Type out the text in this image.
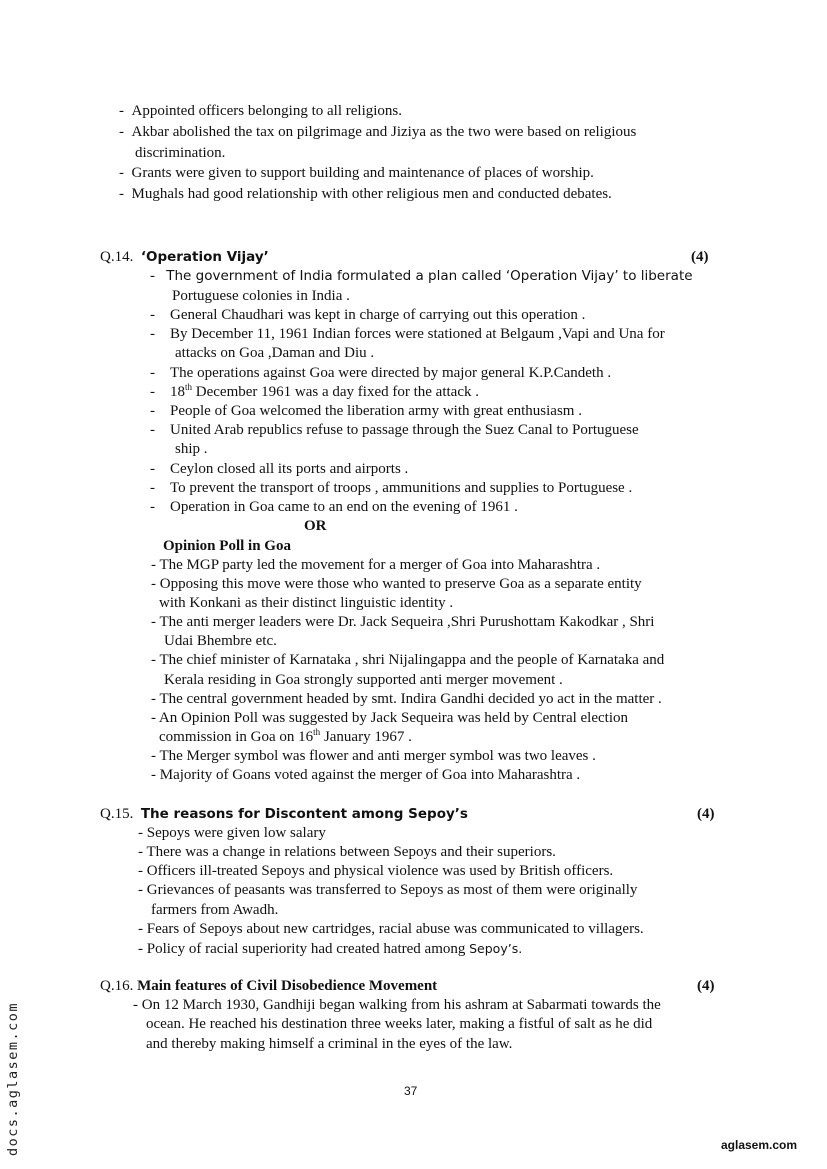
-  Appointed officers belonging to all religions.
-  Akbar abolished the tax on pilgrimage and Jiziya as the two were based on religious
discrimination.
-  Grants were given to support building and maintenance of places of worship.
-  Mughals had good relationship with other religious men and conducted debates.
Q.14. ‘Operation Vijay’	(4)
-   The government of India formulated a plan called ‘Operation Vijay’ to liberate
Portuguese colonies in India .
-    General Chaudhari was kept in charge of carrying out this operation .
-    By December 11, 1961 Indian forces were stationed at Belgaum ,Vapi and Una for
attacks on Goa ,Daman and Diu .
-    The operations against Goa were directed by major general K.P.Candeth .
-    18th December 1961 was a day fixed for the attack .
-    People of Goa welcomed the liberation army with great enthusiasm .
-    United Arab republics refuse to passage through the Suez Canal to Portuguese
ship .
-    Ceylon closed all its ports and airports .
-    To prevent the transport of troops , ammunitions and supplies to Portuguese .
-    Operation in Goa came to an end on the evening of 1961 .
OR
Opinion Poll in Goa
- The MGP party led the movement for a merger of Goa into Maharashtra .
- Opposing this move were those who wanted to preserve Goa as a separate entity
with Konkani as their distinct linguistic identity .
- The anti merger leaders were Dr. Jack Sequeira ,Shri Purushottam Kakodkar , Shri
Udai Bhembre etc.
- The chief minister of Karnataka , shri Nijalingappa and the people of Karnataka and
Kerala residing in Goa strongly supported anti merger movement .
- The central government headed by smt. Indira Gandhi decided yo act in the matter .
- An Opinion Poll was suggested by Jack Sequeira was held by Central election
commission in Goa on 16th January 1967 .
- The Merger symbol was flower and anti merger symbol was two leaves .
- Majority of Goans voted against the merger of Goa into Maharashtra .
Q.15. The reasons for Discontent among Sepoy’s	(4)
- Sepoys were given low salary
- There was a change in relations between Sepoys and their superiors.
- Officers ill-treated Sepoys and physical violence was used by British officers.
- Grievances of peasants was transferred to Sepoys as most of them were originally
farmers from Awadh.
- Fears of Sepoys about new cartridges, racial abuse was communicated to villagers.
- Policy of racial superiority had created hatred among Sepoy’s.
Q.16. Main features of Civil Disobedience Movement	(4)
- On 12 March 1930, Gandhiji began walking from his ashram at Sabarmati towards the
ocean. He reached his destination three weeks later, making a fistful of salt as he did
and thereby making himself a criminal in the eyes of the law.
37
aglasem.com
docs.aglasem.com
